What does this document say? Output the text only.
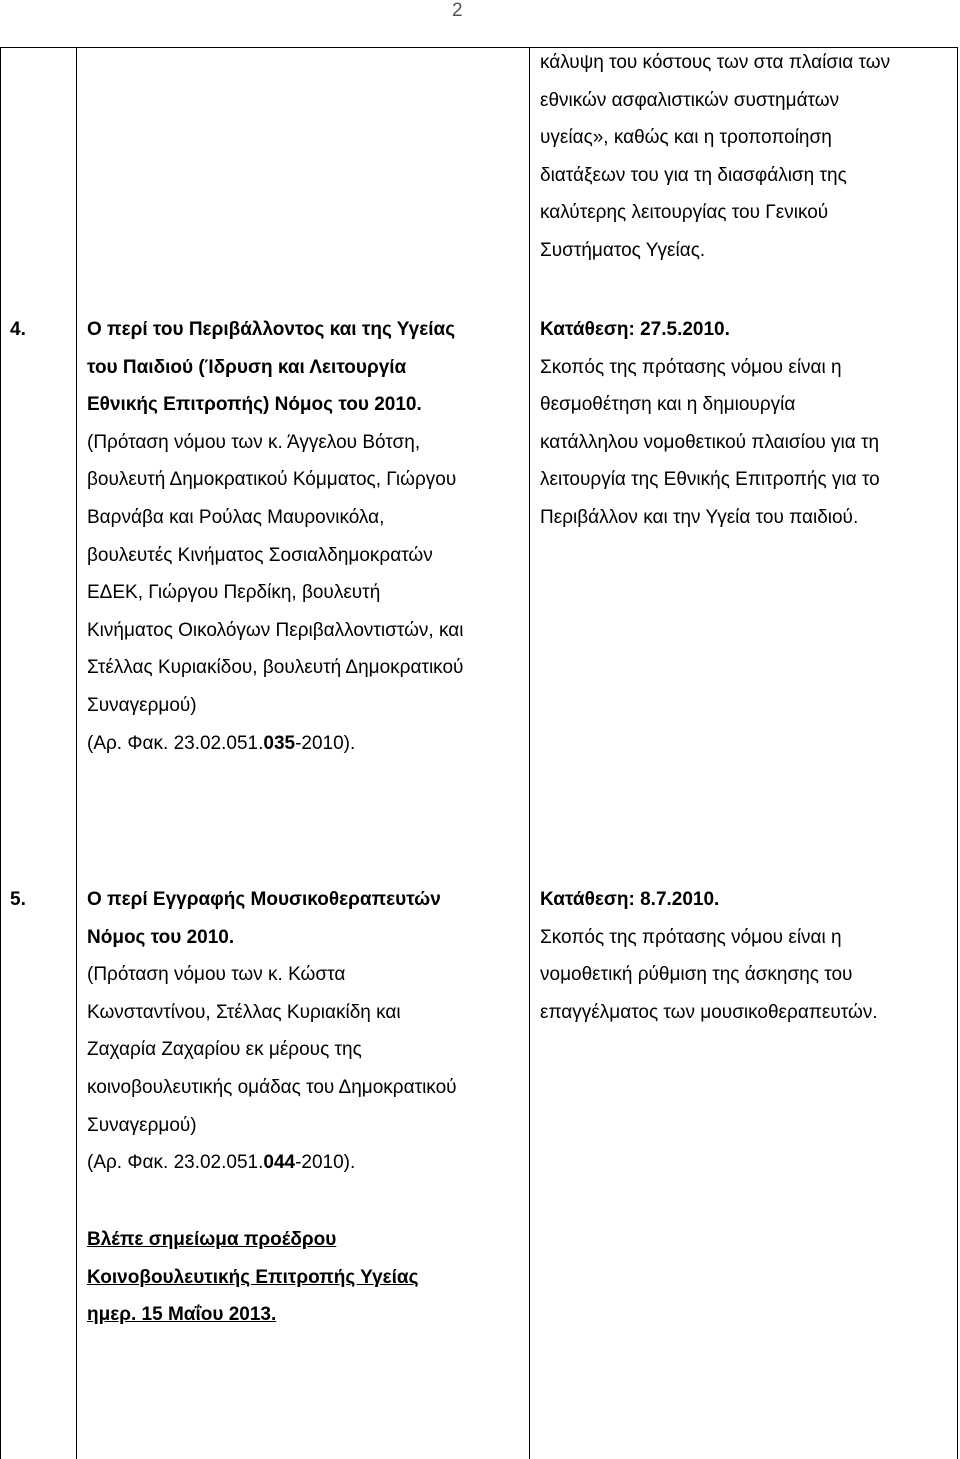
2
κάλυψη του κόστους των στα πλαίσια των
εθνικών ασφαλιστικών συστημάτων
υγείας», καθώς και η τροποποίηση
διατάξεων του για τη διασφάλιση της
καλύτερης λειτουργίας του Γενικού
Συστήματος Υγείας.
4.	Ο περί του Περιβάλλοντος και της Υγείας
του Παιδιού (Ίδρυση και Λειτουργία
Εθνικής Επιτροπής) Νόμος του 2010.
(Πρόταση νόμου των κ. Άγγελου Βότση,
βουλευτή Δημοκρατικού Κόμματος, Γιώργου
Βαρνάβα και Ρούλας Μαυρονικόλα,
βουλευτές Κινήματος Σοσιαλδημοκρατών
ΕΔΕΚ, Γιώργου Περδίκη, βουλευτή
Κινήματος Οικολόγων Περιβαλλοντιστών, και
Στέλλας Κυριακίδου, βουλευτή Δημοκρατικού
Συναγερμού)
(Αρ. Φακ. 23.02.051.035-2010).
Κατάθεση: 27.5.2010.
Σκοπός της πρότασης νόμου είναι η
θεσμοθέτηση και η δημιουργία
κατάλληλου νομοθετικού πλαισίου για τη
λειτουργία της Εθνικής Επιτροπής για το
Περιβάλλον και την Υγεία του παιδιού.
5.	Ο περί Εγγραφής Μουσικοθεραπευτών
Νόμος του 2010.
(Πρόταση νόμου των κ. Κώστα
Κωνσταντίνου, Στέλλας Κυριακίδη και
Ζαχαρία Ζαχαρίου εκ μέρους της
κοινοβουλευτικής ομάδας του Δημοκρατικού
Συναγερμού)
(Αρ. Φακ. 23.02.051.044-2010).
Κατάθεση: 8.7.2010.
Σκοπός της πρότασης νόμου είναι η
νομοθετική ρύθμιση της άσκησης του
επαγγέλματος των μουσικοθεραπευτών.
Βλέπε σημείωμα προέδρου
Κοινοβουλευτικής Επιτροπής Υγείας
ημερ. 15 Μαΐου 2013.
